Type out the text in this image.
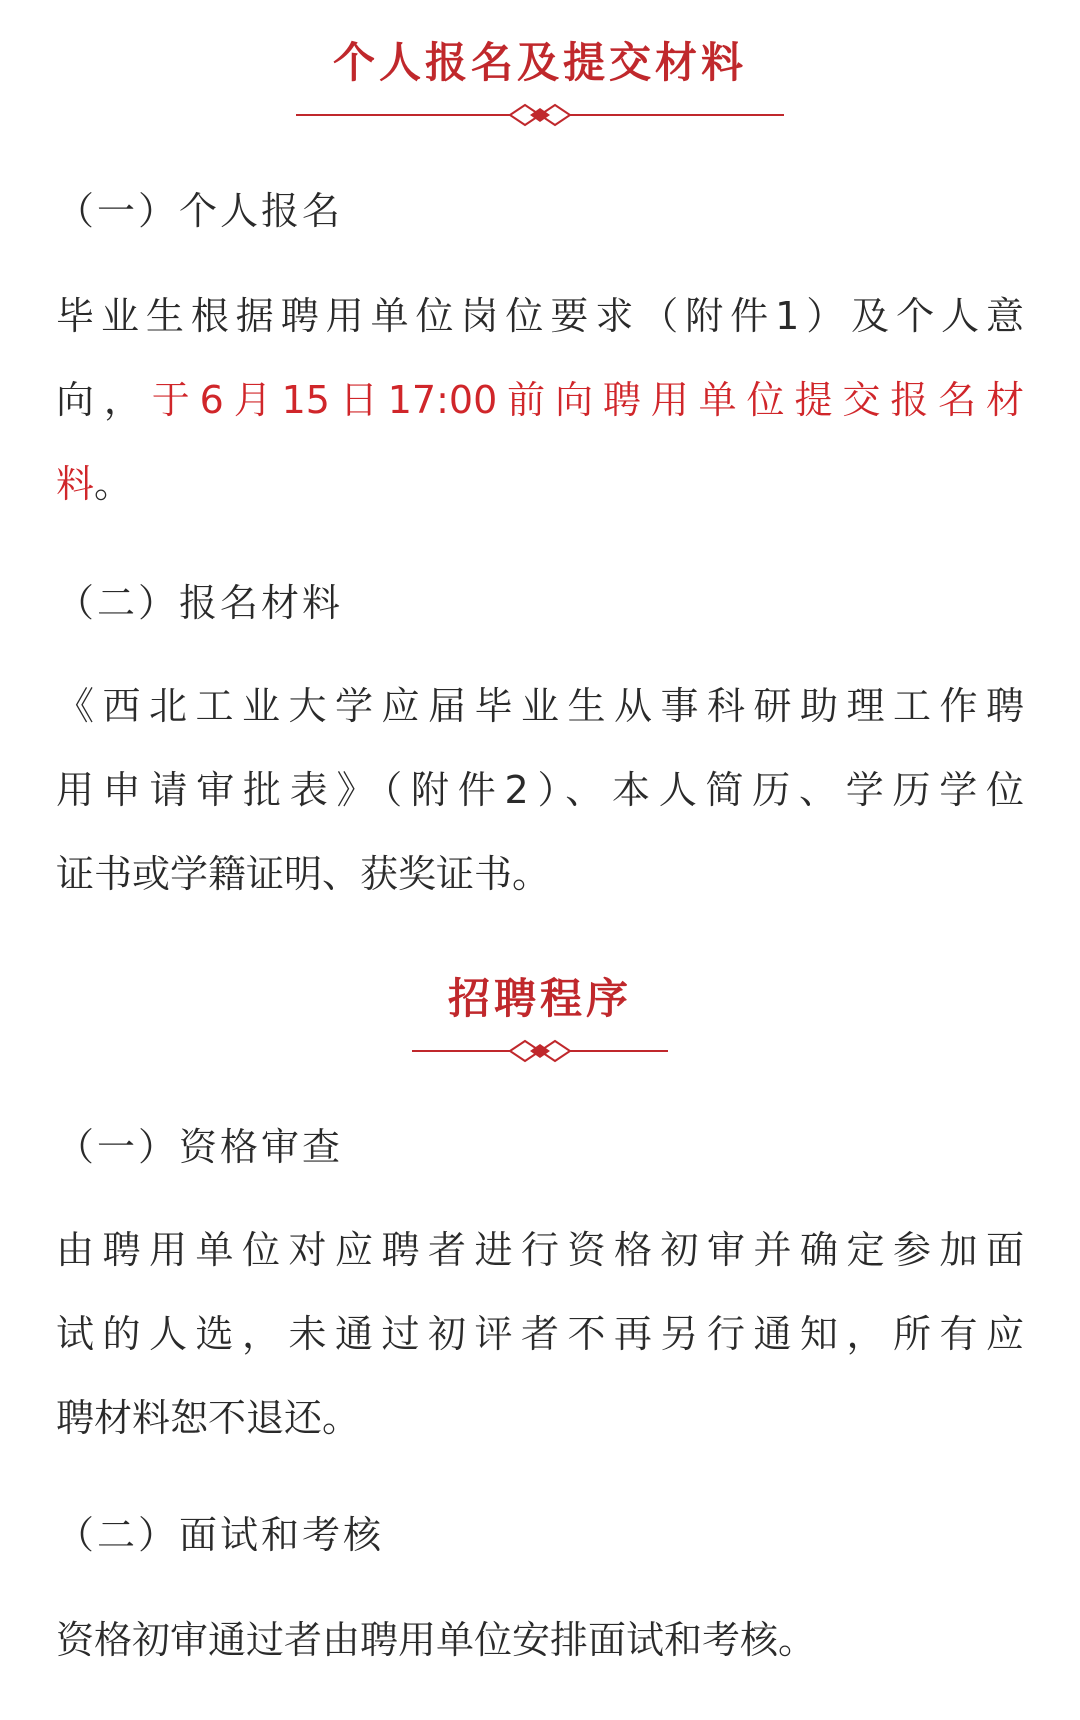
个人报名及提交材料
（一）个人报名
毕业生根据聘用单位岗位要求（附件1）及个人意
向，于6月15日17:00前向聘用单位提交报名材
料。
（二）报名材料
《西北工业大学应届毕业生从事科研助理工作聘
用申请审批表》（附件2）、本人简历、学历学位
证书或学籍证明、获奖证书。
招聘程序
（一）资格审查
由聘用单位对应聘者进行资格初审并确定参加面
试的人选，未通过初评者不再另行通知，所有应
聘材料恕不退还。
（二）面试和考核
资格初审通过者由聘用单位安排面试和考核。
